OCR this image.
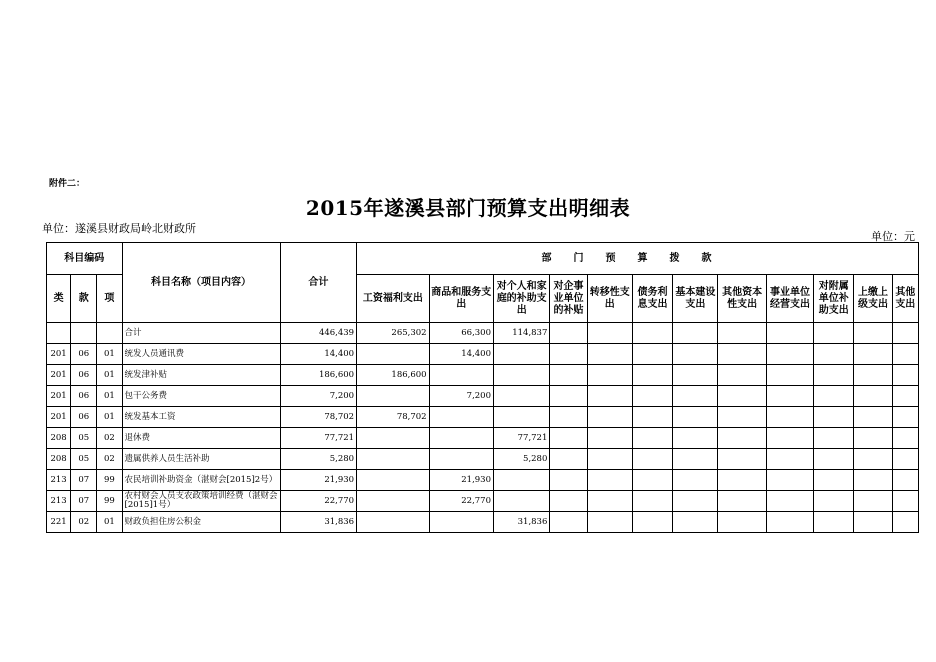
附件二：
2015年遂溪县部门预算支出明细表
单位：遂溪县财政局岭北财政所
单位：元
科目编码			科目名称（项目内容）	合计	部门预算拨款											
类	款	项			工资福利支出	商品和服务支出	对个人和家庭的补助支出	对企事业单位的补贴	转移性支出	债务利息支出	基本建设支出	其他资本性支出	事业单位经营支出	对附属单位补助支出	上缴上级支出	其他支出
			合计	446,439	265,302	66,300	114,837									
201	06	01	统发人员通讯费	14,400		14,400										
201	06	01	统发津补贴	186,600	186,600											
201	06	01	包干公务费	7,200		7,200										
201	06	01	统发基本工资	78,702	78,702											
208	05	02	退休费	77,721			77,721									
208	05	02	遗属供养人员生活补助	5,280			5,280									
213	07	99	农民培训补助资金（湛财会[2015]2号）	21,930		21,930										
213	07	99	农村财会人员支农政策培训经费（湛财会[2015]1号）	22,770		22,770										
221	02	01	财政负担住房公积金	31,836			31,836									
